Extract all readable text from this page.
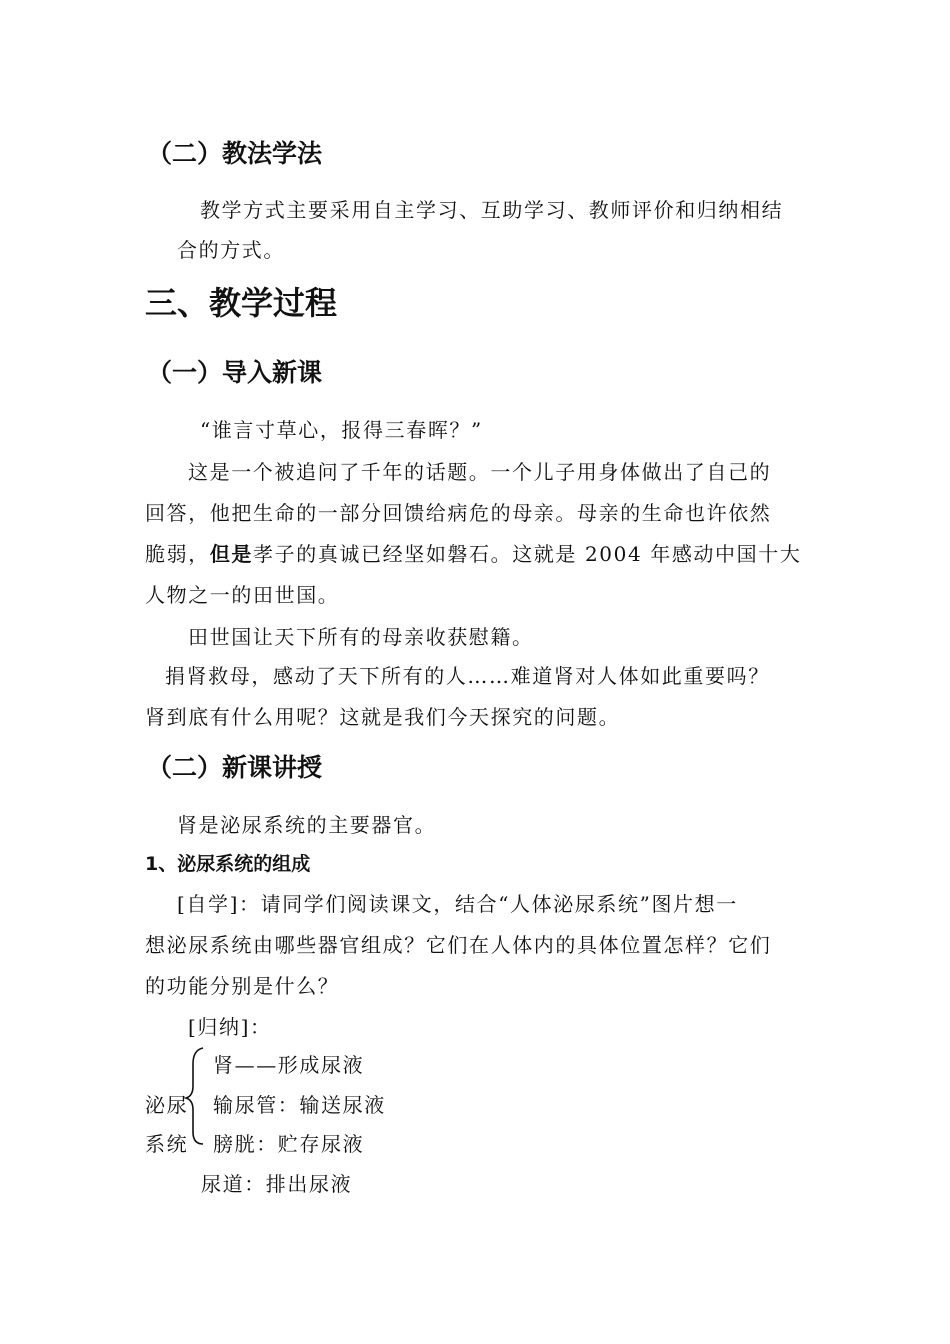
（二）教法学法
教学方式主要采用自主学习、互助学习、教师评价和归纳相结
合的方式。
三、教学过程
（一）导入新课
“谁言寸草心，报得三春晖？”
这是一个被追问了千年的话题。一个儿子用身体做出了自己的
回答，他把生命的一部分回馈给病危的母亲。母亲的生命也许依然
脆弱，但是孝子的真诚已经坚如磐石。这就是 2004 年感动中国十大
人物之一的田世国。
田世国让天下所有的母亲收获慰籍。
捐肾救母，感动了天下所有的人……难道肾对人体如此重要吗？
肾到底有什么用呢？这就是我们今天探究的问题。
（二）新课讲授
肾是泌尿系统的主要器官。
1、泌尿系统的组成
[自学]：请同学们阅读课文，结合“人体泌尿系统”图片想一
想泌尿系统由哪些器官组成？它们在人体内的具体位置怎样？它们
的功能分别是什么？
[归纳]：
泌尿
系统
肾——形成尿液
输尿管：输送尿液
膀胱：贮存尿液
尿道：排出尿液
